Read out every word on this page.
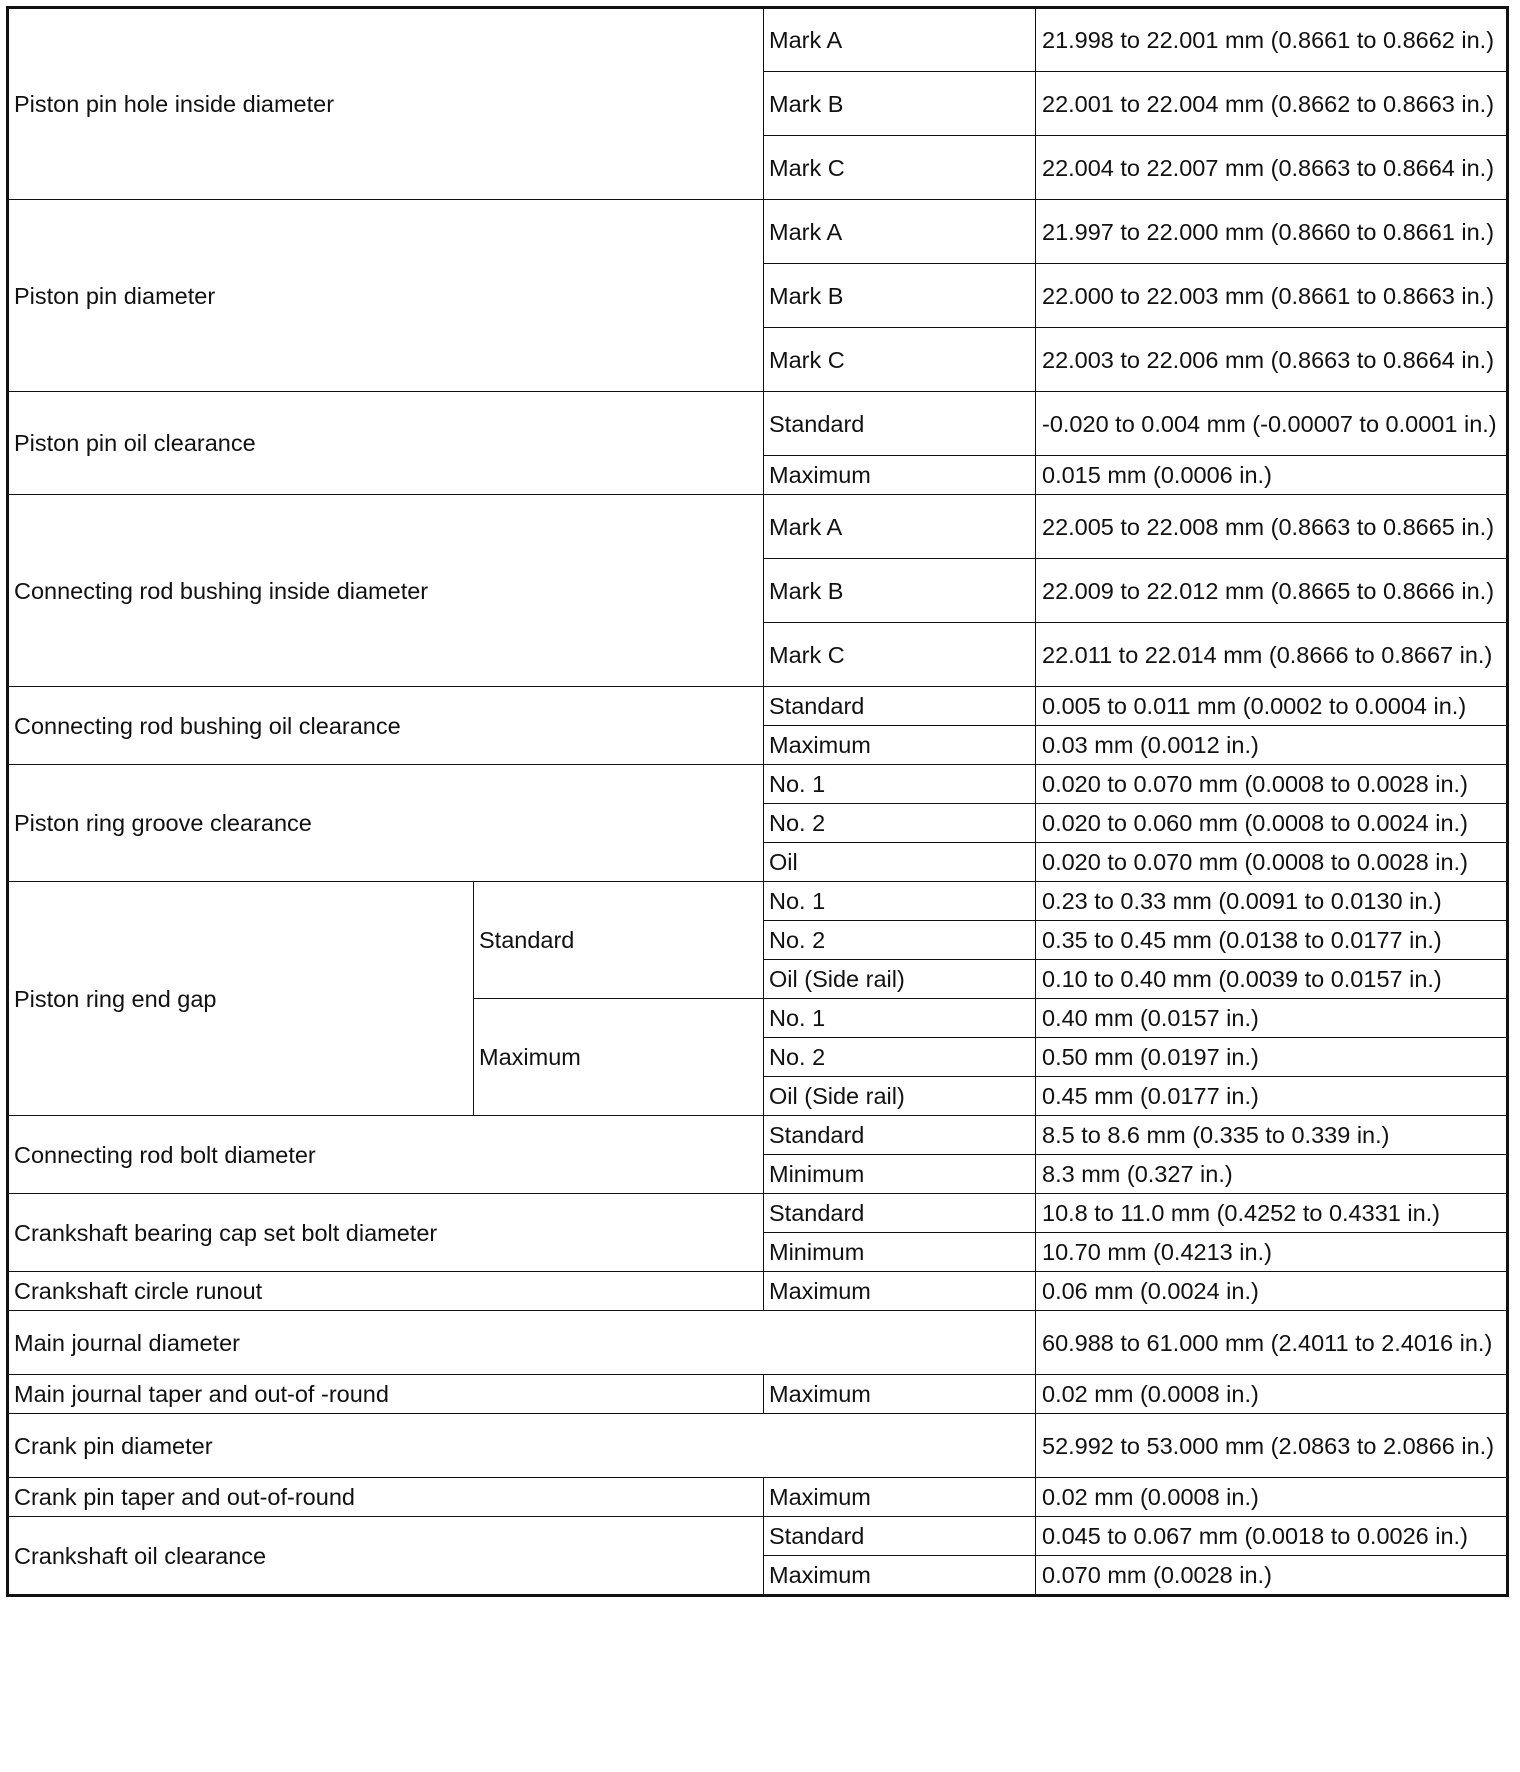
Piston pin hole inside diameter		Mark A	21.998 to 22.001 mm (0.8661 to 0.8662 in.)
		Mark B	22.001 to 22.004 mm (0.8662 to 0.8663 in.)
		Mark C	22.004 to 22.007 mm (0.8663 to 0.8664 in.)
Piston pin diameter		Mark A	21.997 to 22.000 mm (0.8660 to 0.8661 in.)
		Mark B	22.000 to 22.003 mm (0.8661 to 0.8663 in.)
		Mark C	22.003 to 22.006 mm (0.8663 to 0.8664 in.)
Piston pin oil clearance		Standard	-0.020 to 0.004 mm (-0.00007 to 0.0001 in.)
		Maximum	0.015 mm (0.0006 in.)
Connecting rod bushing inside diameter		Mark A	22.005 to 22.008 mm (0.8663 to 0.8665 in.)
		Mark B	22.009 to 22.012 mm (0.8665 to 0.8666 in.)
		Mark C	22.011 to 22.014 mm (0.8666 to 0.8667 in.)
Connecting rod bushing oil clearance		Standard	0.005 to 0.011 mm (0.0002 to 0.0004 in.)
		Maximum	0.03 mm (0.0012 in.)
Piston ring groove clearance		No. 1	0.020 to 0.070 mm (0.0008 to 0.0028 in.)
		No. 2	0.020 to 0.060 mm (0.0008 to 0.0024 in.)
		Oil	0.020 to 0.070 mm (0.0008 to 0.0028 in.)
Piston ring end gap	Standard	No. 1	0.23 to 0.33 mm (0.0091 to 0.0130 in.)
		No. 2	0.35 to 0.45 mm (0.0138 to 0.0177 in.)
		Oil (Side rail)	0.10 to 0.40 mm (0.0039 to 0.0157 in.)
	Maximum	No. 1	0.40 mm (0.0157 in.)
		No. 2	0.50 mm (0.0197 in.)
		Oil (Side rail)	0.45 mm (0.0177 in.)
Connecting rod bolt diameter		Standard	8.5 to 8.6 mm (0.335 to 0.339 in.)
		Minimum	8.3 mm (0.327 in.)
Crankshaft bearing cap set bolt diameter		Standard	10.8 to 11.0 mm (0.4252 to 0.4331 in.)
		Minimum	10.70 mm (0.4213 in.)
Crankshaft circle runout		Maximum	0.06 mm (0.0024 in.)
Main journal diameter			60.988 to 61.000 mm (2.4011 to 2.4016 in.)
Main journal taper and out-of -round		Maximum	0.02 mm (0.0008 in.)
Crank pin diameter			52.992 to 53.000 mm (2.0863 to 2.0866 in.)
Crank pin taper and out-of-round		Maximum	0.02 mm (0.0008 in.)
Crankshaft oil clearance		Standard	0.045 to 0.067 mm (0.0018 to 0.0026 in.)
		Maximum	0.070 mm (0.0028 in.)
